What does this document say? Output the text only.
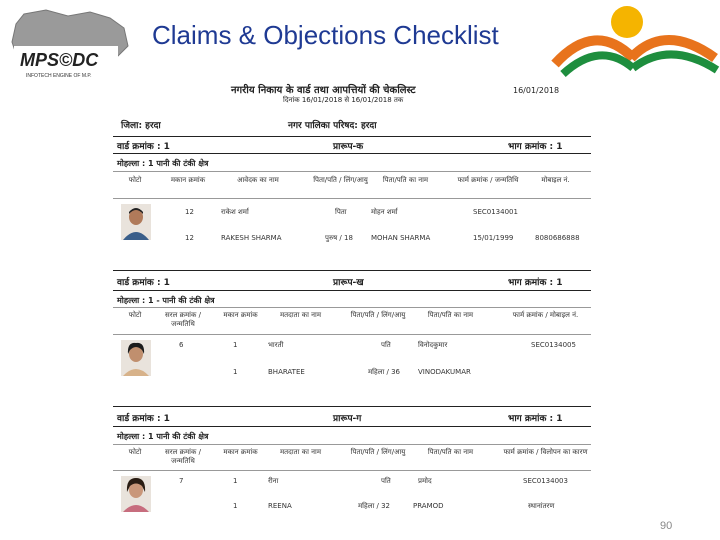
Claims & Objections Checklist
MPS©DC
INFOTECH ENGINE OF M.P.
नगरीय निकाय के वार्ड तथा आपत्तियों की चेकलिस्ट	16/01/2018
दिनांक 16/01/2018 से 16/01/2018 तक
जिला: हरदा	नगर पालिका परिषद: हरदा
वार्ड क्रमांक : 1	प्रारूप-क	भाग क्रमांक : 1
मोहल्ला : 1 पानी की टंकी क्षेत्र
फोटो	मकान क्रमांक	आवेदक का नाम	पिता/पति / लिंग/आयु	पिता/पति का नाम	फार्म क्रमांक / जन्मतिथि	मोबाइल नं.
12	राकेश शर्मा	पिता	मोहन शर्मा	SEC0134001
12	RAKESH SHARMA	पुरुष / 18	MOHAN SHARMA	15/01/1999	8080686888
वार्ड क्रमांक : 1	प्रारूप-ख	भाग क्रमांक : 1
मोहल्ला : 1 - पानी की टंकी क्षेत्र
फोटो	सरल क्रमांक / जन्मतिथि
मकान क्रमांक	मतदाता का नाम	पिता/पति / लिंग/आयु	पिता/पति का नाम	फार्म क्रमांक / मोबाइल नं.
6	1	भारती	पति	विनोदकुमार	SEC0134005
1	BHARATEE	महिला / 36	VINODAKUMAR
वार्ड क्रमांक : 1	प्रारूप-ग	भाग क्रमांक : 1
मोहल्ला : 1 पानी की टंकी क्षेत्र
फोटो	सरल क्रमांक / जन्मतिथि
मकान क्रमांक	मतदाता का नाम	पिता/पति / लिंग/आयु	पिता/पति का नाम	फार्म क्रमांक / विलोपन का कारण
7	1	रीना	पति	प्रमोद	SEC0134003
1	REENA	महिला / 32	PRAMOD	स्थानांतरण
90
